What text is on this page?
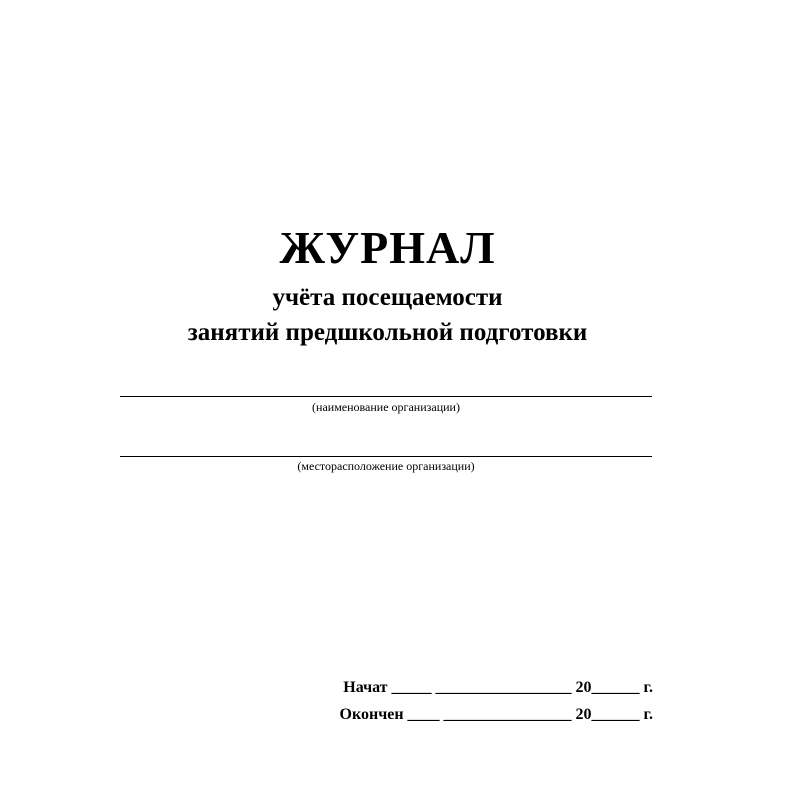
ЖУРНАЛ
учёта посещаемости
занятий предшкольной подготовки
(наименование организации)
(месторасположение организации)
Начат _____ _________________ 20______ г.
Окончен ____ ________________ 20______ г.
